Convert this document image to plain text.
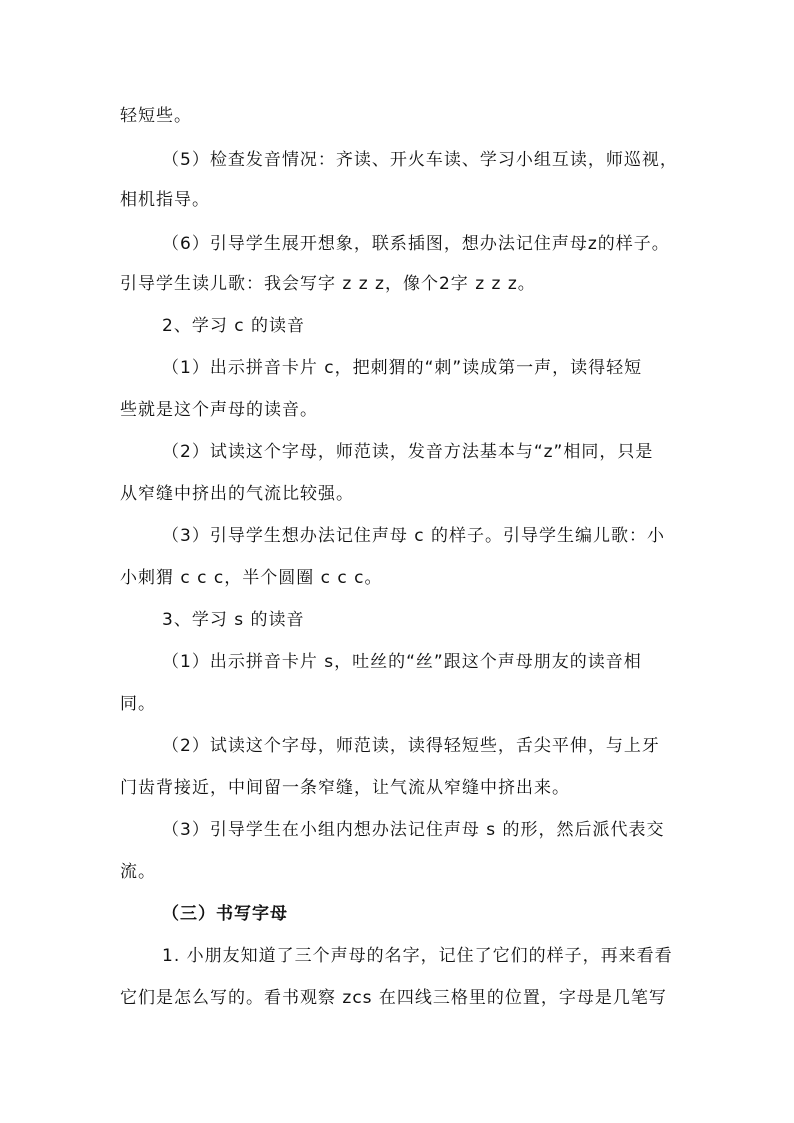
轻短些。
（5）检查发音情况：齐读、开火车读、学习小组互读，师巡视，
相机指导。
（6）引导学生展开想象，联系插图，想办法记住声母z的样子。
引导学生读儿歌：我会写字 z z z，像个2字 z z z。
2、学习 c 的读音
（1）出示拼音卡片 c，把刺猬的“刺”读成第一声，读得轻短
些就是这个声母的读音。
（2）试读这个字母，师范读，发音方法基本与“z”相同，只是
从窄缝中挤出的气流比较强。
（3）引导学生想办法记住声母 c 的样子。引导学生编儿歌：小
小刺猬 c c c，半个圆圈 c c c。
3、学习 s 的读音
（1）出示拼音卡片 s，吐丝的“丝”跟这个声母朋友的读音相
同。
（2）试读这个字母，师范读，读得轻短些，舌尖平伸，与上牙
门齿背接近，中间留一条窄缝，让气流从窄缝中挤出来。
（3）引导学生在小组内想办法记住声母 s 的形，然后派代表交
流。
（三）书写字母
1. 小朋友知道了三个声母的名字，记住了它们的样子，再来看看
它们是怎么写的。看书观察 zcs 在四线三格里的位置，字母是几笔写
